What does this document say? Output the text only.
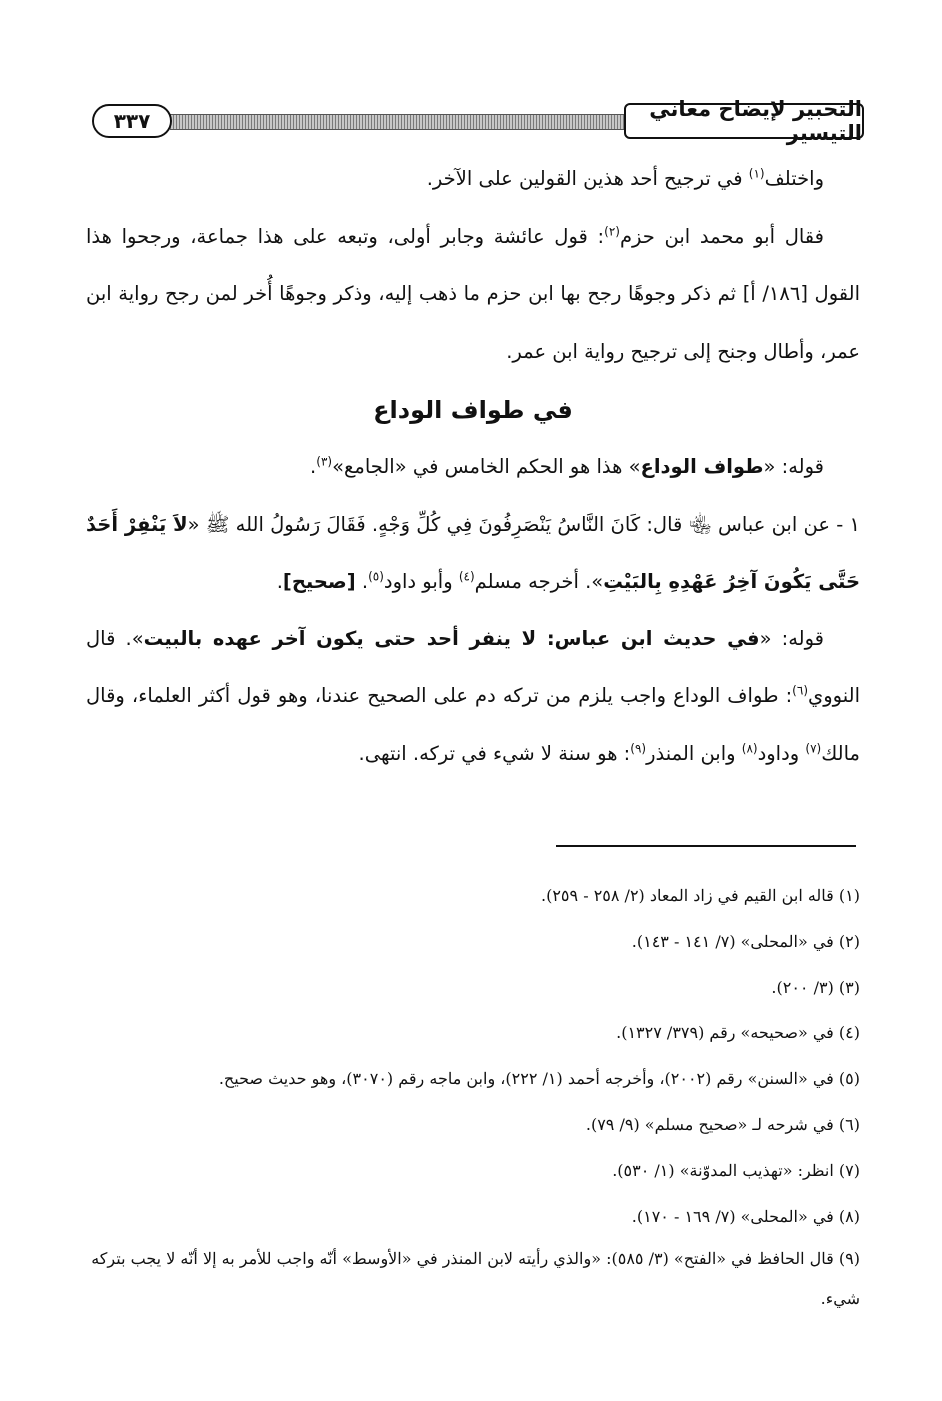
التحبير لإيضاح معاني التيسير
٣٣٧

واختلف$^{(١)}$ في ترجيح أحد هذين القولين على الآخر.

فقال أبو محمد ابن حزم$^{(٢)}$: قول عائشة وجابر أولى، وتبعه على هذا جماعة، ورجحوا هذا القول [١٨٦/ أ] ثم ذكر وجوهًا رجح بها ابن حزم ما ذهب إليه، وذكر وجوهًا أُخر لمن رجح رواية ابن عمر، وأطال وجنح إلى ترجيح رواية ابن عمر.

في طواف الوداع

قوله: «طواف الوداع» هذا هو الحكم الخامس في «الجامع»$^{(٣)}$.

١ - عن ابن عباس ﵄ قال: كَانَ النَّاسُ يَنْصَرِفُونَ فِي كُلِّ وَجْهٍ. فَقَالَ رَسُولُ الله ﷺ «لاَ يَنْفِرْ أَحَدٌ حَتَّى يَكُونَ آخِرُ عَهْدِهِ بِالبَيْتِ». أخرجه مسلم$^{(٤)}$ وأبو داود$^{(٥)}$. [صحيح].

قوله: «في حديث ابن عباس: لا ينفر أحد حتى يكون آخر عهده بالبيت». قال النووي$^{(٦)}$: طواف الوداع واجب يلزم من تركه دم على الصحيح عندنا، وهو قول أكثر العلماء، وقال مالك$^{(٧)}$ وداود$^{(٨)}$ وابن المنذر$^{(٩)}$: هو سنة لا شيء في تركه. انتهى.

(١) قاله ابن القيم في زاد المعاد (٢/ ٢٥٨ - ٢٥٩).
(٢) في «المحلى» (٧/ ١٤١ - ١٤٣).
(٣) (٣/ ٢٠٠).
(٤) في «صحيحه» رقم (٣٧٩/ ١٣٢٧).
(٥) في «السنن» رقم (٢٠٠٢)، وأخرجه أحمد (١/ ٢٢٢)، وابن ماجه رقم (٣٠٧٠)، وهو حديث صحيح.
(٦) في شرحه لـ «صحيح مسلم» (٩/ ٧٩).
(٧) انظر: «تهذيب المدوّنة» (١/ ٥٣٠).
(٨) في «المحلى» (٧/ ١٦٩ - ١٧٠).
(٩) قال الحافظ في «الفتح» (٣/ ٥٨٥): «والذي رأيته لابن المنذر في «الأوسط» أنّه واجب للأمر به إلا أنّه لا يجب بتركه شيء.
